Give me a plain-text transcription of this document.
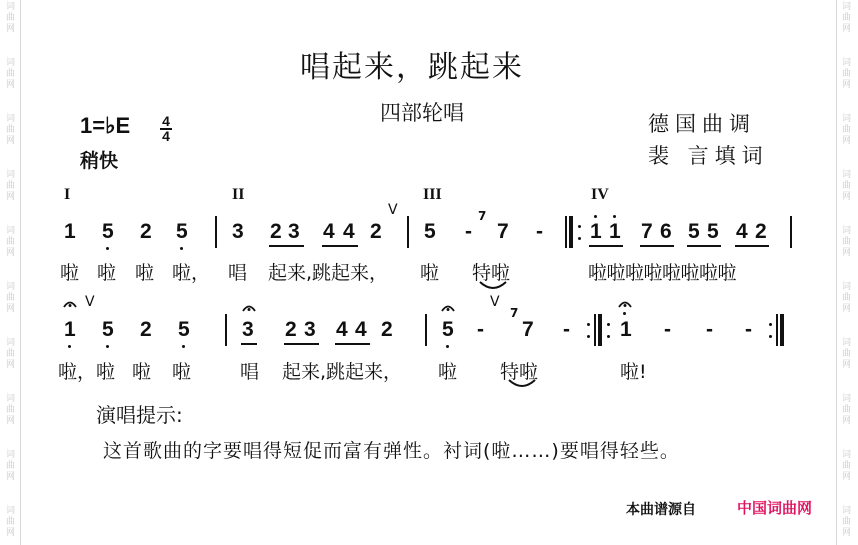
词
曲
网
词
曲
网
词
曲
网
词
曲
网
词
曲
网
词
曲
网
词
曲
网
词
曲
网
词
曲
网
词
曲
网
词
曲
网
词
曲
网
词
曲
网
词
曲
网
词
曲
网
词
曲
网
词
曲
网
词
曲
网
词
曲
网
词
曲
网
唱起来，跳起来
四部轮唱	德国曲调
裴 言填词
1=♭E 4
4
稍快
I	II	III	IV
1 5 2 5 3 2 3 4 4 2
V
5 -
7
7 - 1 1 7 6 5 5 4 2
啦 啦 啦 啦， 唱 起来,跳起来， 啦 特啦	啦啦啦啦啦啦啦啦
V
1 5 2 5 3 2 3 4 4 2 5 -
V
7
7 - 1 - - -
啦，啦 啦 啦	唱 起来,跳起来， 啦 特啦	啦!
演唱提示:
这首歌曲的字要唱得短促而富有弹性。衬词(啦……)要唱得轻些。
本曲谱源自	中国词曲网
